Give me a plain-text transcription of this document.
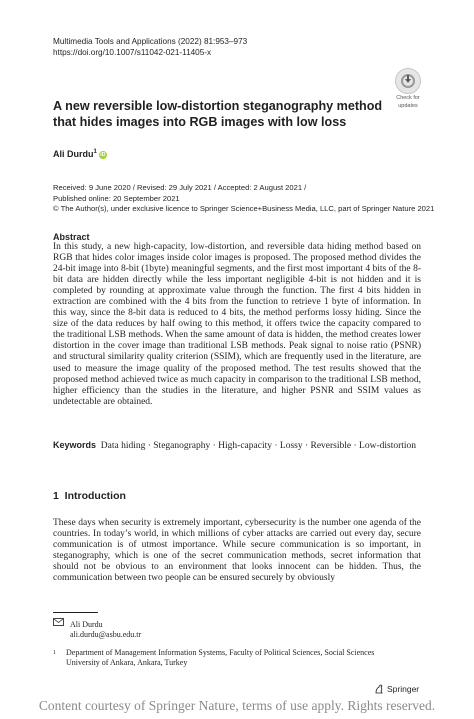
Multimedia Tools and Applications (2022) 81:953–973
https://doi.org/10.1007/s11042-021-11405-x
Check for
updates
A new reversible low-distortion steganography method that hides images into RGB images with low loss
Ali Durdu$^1$ iD
Received: 9 June 2020 / Revised: 29 July 2021 / Accepted: 2 August 2021 /
Published online: 20 September 2021
© The Author(s), under exclusive licence to Springer Science+Business Media, LLC, part of Springer Nature 2021
Abstract

In this study, a new high-capacity, low-distortion, and reversible data hiding method based on RGB that hides color images inside color images is proposed. The proposed method divides the 24-bit image into 8-bit (1byte) meaningful segments, and the first most important 4 bits of the 8-bit data are hidden directly while the less important negligible 4-bit is not hidden and it is completed by rounding at approximate value through the function. The first 4 bits hidden in extraction are combined with the 4 bits from the function to retrieve 1 byte of information. In this way, since the 8-bit data is reduced to 4 bits, the method performs lossy hiding. Since the size of the data reduces by half owing to this method, it offers twice the capacity compared to the traditional LSB methods. When the same amount of data is hidden, the method creates lower distortion in the cover image than traditional LSB methods. Peak signal to noise ratio (PSNR) and structural similarity quality criterion (SSIM), which are frequently used in the literature, are used to measure the image quality of the proposed method. The test results showed that the proposed method achieved twice as much capacity in comparison to the traditional LSB method, higher efficiency than the studies in the literature, and higher PSNR and SSIM values as undetectable are obtained.

Keywords Data hiding · Steganography · High-capacity · Lossy · Reversible · Low-distortion

1  Introduction

These days when security is extremely important, cybersecurity is the number one agenda of the countries. In today’s world, in which millions of cyber attacks are carried out every day, secure communication is of utmost importance. While secure communication is so important, in steganography, which is one of the secret communication methods, secret information that should not be obvious to an environment that looks innocent can be hidden. Thus, the communication between two people can be ensured securely by obviously

Ali Durdu
ali.durdu@asbu.edu.tr
1	Department of Management Information Systems, Faculty of Political Sciences, Social Sciences
University of Ankara, Ankara, Turkey
Springer
Content courtesy of Springer Nature, terms of use apply. Rights reserved.
